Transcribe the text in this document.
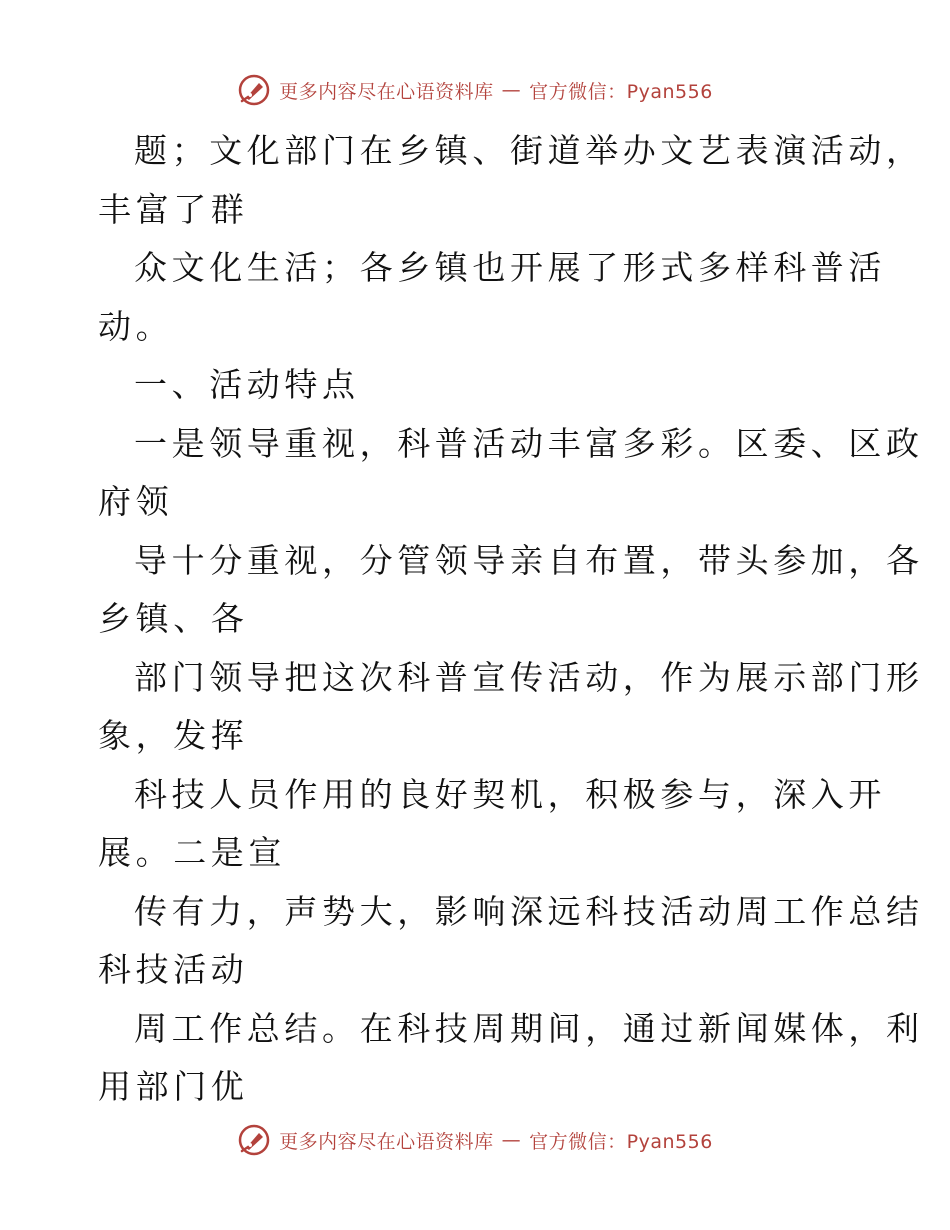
更多内容尽在心语资料库 — 官方微信：Pyan556
题；文化部门在乡镇、街道举办文艺表演活动，
丰富了群
众文化生活；各乡镇也开展了形式多样科普活
动。
一、活动特点
一是领导重视，科普活动丰富多彩。区委、区政
府领
导十分重视，分管领导亲自布置，带头参加，各
乡镇、各
部门领导把这次科普宣传活动，作为展示部门形
象，发挥
科技人员作用的良好契机，积极参与，深入开
展。二是宣
传有力，声势大，影响深远科技活动周工作总结
科技活动
周工作总结。在科技周期间，通过新闻媒体，利
用部门优
更多内容尽在心语资料库 — 官方微信：Pyan556
